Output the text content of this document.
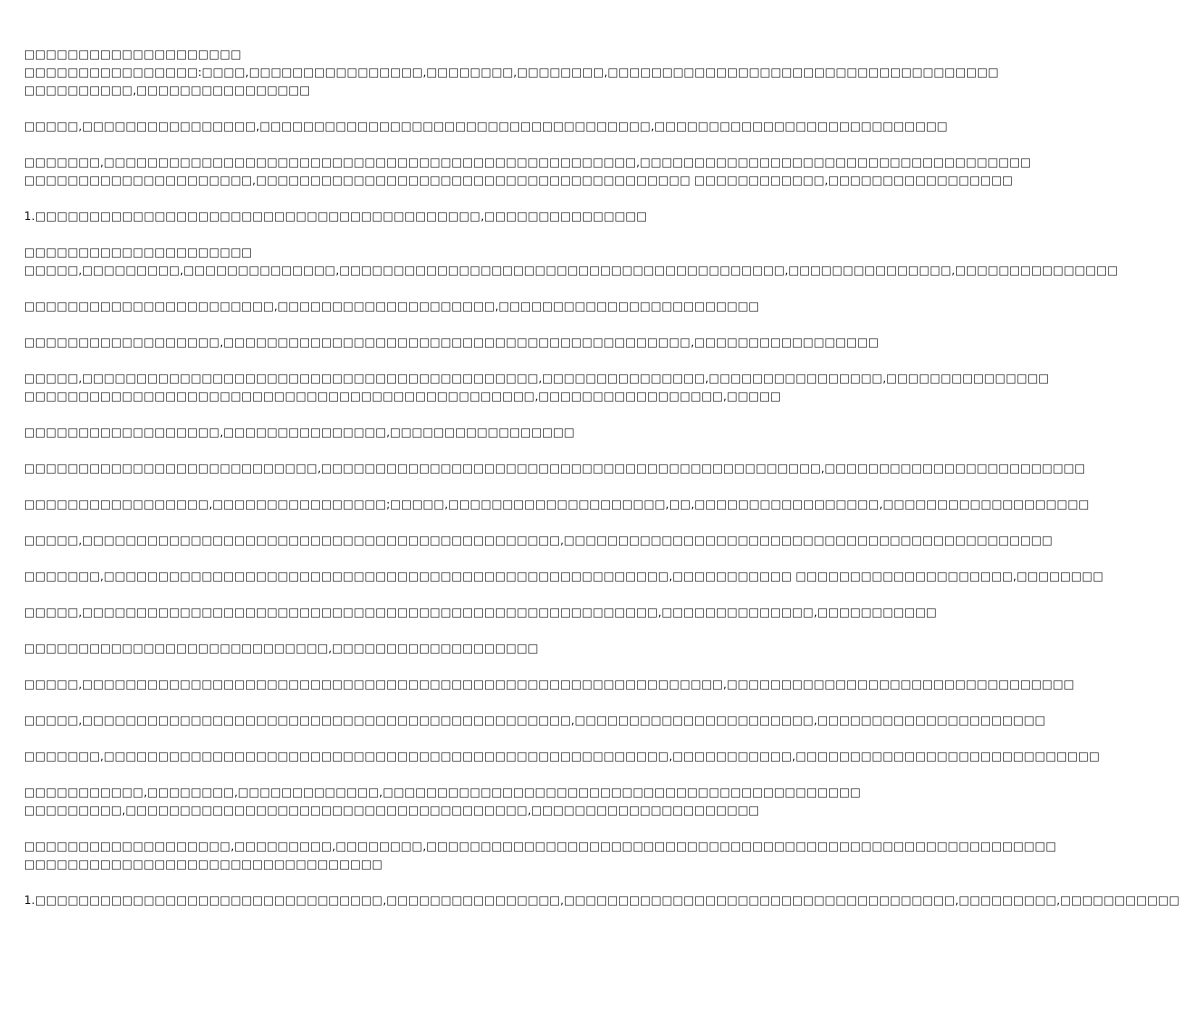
□□□□□□□□□□□□□□□□□□□□
□□□□□□□□□□□□□□□□:□□□□,□□□□□□□□□□□□□□□□,□□□□□□□□,□□□□□□□□,□□□□□□□□□□□□□□□□□□□□□□□□□□□□□□□□□□□□
□□□□□□□□□□,□□□□□□□□□□□□□□□□
□□□□□,□□□□□□□□□□□□□□□□,□□□□□□□□□□□□□□□□□□□□□□□□□□□□□□□□□□□□,□□□□□□□□□□□□□□□□□□□□□□□□□□□
□□□□□□□,□□□□□□□□□□□□□□□□□□□□□□□□□□□□□□□□□□□□□□□□□□□□□□□□□,□□□□□□□□□□□□□□□□□□□□□□□□□□□□□□□□□□□□
□□□□□□□□□□□□□□□□□□□□□,□□□□□□□□□□□□□□□□□□□□□□□□□□□□□□□□□□□□□□□□ □□□□□□□□□□□□,□□□□□□□□□□□□□□□□□
1.□□□□□□□□□□□□□□□□□□□□□□□□□□□□□□□□□□□□□□□□□,□□□□□□□□□□□□□□□
□□□□□□□□□□□□□□□□□□□□□
□□□□□,□□□□□□□□□,□□□□□□□□□□□□□□,□□□□□□□□□□□□□□□□□□□□□□□□□□□□□□□□□□□□□□□□□,□□□□□□□□□□□□□□□,□□□□□□□□□□□□□□□
□□□□□□□□□□□□□□□□□□□□□□□,□□□□□□□□□□□□□□□□□□□□,□□□□□□□□□□□□□□□□□□□□□□□□
□□□□□□□□□□□□□□□□□□,□□□□□□□□□□□□□□□□□□□□□□□□□□□□□□□□□□□□□□□□□□□,□□□□□□□□□□□□□□□□□
□□□□□,□□□□□□□□□□□□□□□□□□□□□□□□□□□□□□□□□□□□□□□□□□,□□□□□□□□□□□□□□□,□□□□□□□□□□□□□□□□,□□□□□□□□□□□□□□□
□□□□□□□□□□□□□□□□□□□□□□□□□□□□□□□□□□□□□□□□□□□□□□□,□□□□□□□□□□□□□□□□□,□□□□□
□□□□□□□□□□□□□□□□□□,□□□□□□□□□□□□□□□,□□□□□□□□□□□□□□□□□
□□□□□□□□□□□□□□□□□□□□□□□□□□□,□□□□□□□□□□□□□□□□□□□□□□□□□□□□□□□□□□□□□□□□□□□□□□,□□□□□□□□□□□□□□□□□□□□□□□□
□□□□□□□□□□□□□□□□□,□□□□□□□□□□□□□□□□;□□□□□,□□□□□□□□□□□□□□□□□□□□,□□,□□□□□□□□□□□□□□□□□,□□□□□□□□□□□□□□□□□□□
□□□□□,□□□□□□□□□□□□□□□□□□□□□□□□□□□□□□□□□□□□□□□□□□□□,□□□□□□□□□□□□□□□□□□□□□□□□□□□□□□□□□□□□□□□□□□□□□
□□□□□□□,□□□□□□□□□□□□□□□□□□□□□□□□□□□□□□□□□□□□□□□□□□□□□□□□□□□□,□□□□□□□□□□□ □□□□□□□□□□□□□□□□□□□□,□□□□□□□□
□□□□□,□□□□□□□□□□□□□□□□□□□□□□□□□□□□□□□□□□□□□□□□□□□□□□□□□□□□□,□□□□□□□□□□□□□□,□□□□□□□□□□□
□□□□□□□□□□□□□□□□□□□□□□□□□□□□,□□□□□□□□□□□□□□□□□□□
□□□□□,□□□□□□□□□□□□□□□□□□□□□□□□□□□□□□□□□□□□□□□□□□□□□□□□□□□□□□□□□□□,□□□□□□□□□□□□□□□□□□□□□□□□□□□□□□□□
□□□□□,□□□□□□□□□□□□□□□□□□□□□□□□□□□□□□□□□□□□□□□□□□□□□,□□□□□□□□□□□□□□□□□□□□□□,□□□□□□□□□□□□□□□□□□□□□
□□□□□□□,□□□□□□□□□□□□□□□□□□□□□□□□□□□□□□□□□□□□□□□□□□□□□□□□□□□□,□□□□□□□□□□□,□□□□□□□□□□□□□□□□□□□□□□□□□□□□
□□□□□□□□□□□,□□□□□□□□,□□□□□□□□□□□□□,□□□□□□□□□□□□□□□□□□□□□□□□□□□□□□□□□□□□□□□□□□□□
□□□□□□□□□,□□□□□□□□□□□□□□□□□□□□□□□□□□□□□□□□□□□□□,□□□□□□□□□□□□□□□□□□□□□
□□□□□□□□□□□□□□□□□□□,□□□□□□□□□,□□□□□□□□,□□□□□□□□□□□□□□□□□□□□□□□□□□□□□□□□□□□□□□□□□□□□□□□□□□□□□□□□□□
□□□□□□□□□□□□□□□□□□□□□□□□□□□□□□□□□
1.□□□□□□□□□□□□□□□□□□□□□□□□□□□□□□□□,□□□□□□□□□□□□□□□□,□□□□□□□□□□□□□□□□□□□□□□□□□□□□□□□□□□□□,□□□□□□□□□,□□□□□□□□□□□
